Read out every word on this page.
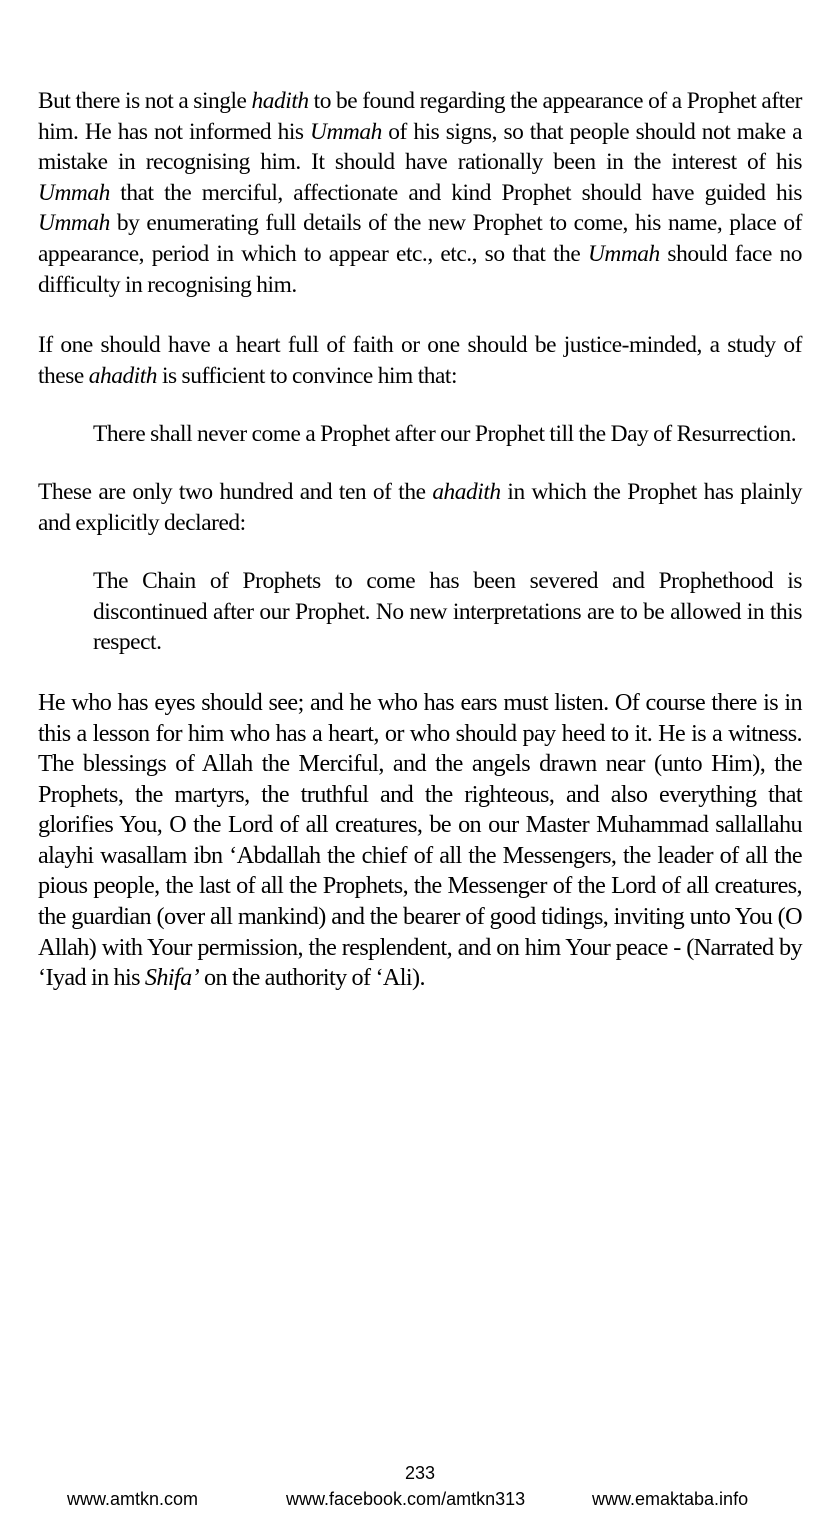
But there is not a single hadith to be found regarding the appearance of a Prophet after him. He has not informed his Ummah of his signs, so that people should not make a mistake in recognising him. It should have rationally been in the interest of his Ummah that the merciful, affectionate and kind Prophet should have guided his Ummah by enumerating full details of the new Prophet to come, his name, place of appearance, period in which to appear etc., etc., so that the Ummah should face no difficulty in recognising him.

If one should have a heart full of faith or one should be justice-minded, a study of these ahadith is sufficient to convince him that:

There shall never come a Prophet after our Prophet till the Day of Resurrection.

These are only two hundred and ten of the ahadith in which the Prophet has plainly and explicitly declared:

The Chain of Prophets to come has been severed and Prophethood is discontinued after our Prophet. No new interpretations are to be allowed in this respect.

He who has eyes should see; and he who has ears must listen. Of course there is in this a lesson for him who has a heart, or who should pay heed to it. He is a witness. The blessings of Allah the Merciful, and the angels drawn near (unto Him), the Prophets, the martyrs, the truthful and the righteous, and also everything that glorifies You, O the Lord of all creatures, be on our Master Muhammad sallallahu alayhi wasallam ibn ‘Abdallah the chief of all the Messengers, the leader of all the pious people, the last of all the Prophets, the Messenger of the Lord of all creatures, the guardian (over all mankind) and the bearer of good tidings, inviting unto You (O Allah) with Your permission, the resplendent, and on him Your peace - (Narrated by ‘Iyad in his Shifa’ on the authority of ‘Ali).

233
www.amtkn.com	www.facebook.com/amtkn313	www.emaktaba.info
